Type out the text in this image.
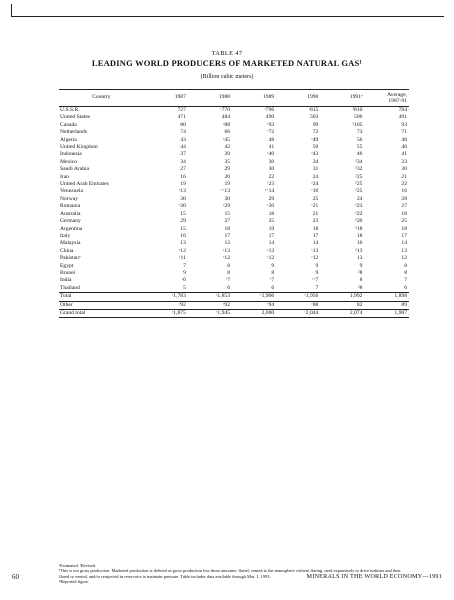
TABLE 47
LEADING WORLD PRODUCERS OF MARKETED NATURAL GAS¹
(Billion cubic meters)
Country	1987	1988	1989	1990	1991ᵉ	Average,
1987-91
U.S.S.R.	727	ʳ770	ʳ796	ʳ815	²810	784
United States	471	484	490	503	506	491
Canada	80	ʳ88	ʳ93	99	²105	93
Netherlands	74	66	ʳ72	72	73	71
Algeria	43	ʳ45	48	ʳ49	56	48
United Kingdom	44	42	41	50	55	46
Indonesia	37	39	ʳ40	ʳ43	46	41
Mexico	34	35	30	34	²34	33
Saudi Arabia	27	29	30	31	²32	30
Iran	16	20	22	24	²25	21
United Arab Emirates	19	19	ʳ23	ʳ24	²25	22
Venezuela	ʳ13	ʳ ʳ13	ʳ ʳ14	ʳ16	²25	16
Norway	30	30	29	25	24	28
Romania	ʳ30	ʳ29	ʳ30	ʳ21	²23	27
Australia	15	15	18	21	²22	18
Germany	29	27	25	23	²20	25
Argentina	15	18	19	18	²18	18
Italy	16	17	17	17	18	17
Malaysia	13	13	14	14	16	14
China	ʳ12	ʳ13	ʳ13	ʳ13	²13	13
Pakistanᵉ	ʳ11	ʳ12	ʳ12	ʳ12	13	12
Egypt	7	8	9	9	9	8
Brunei	9	8	8	9	²8	8
India	ʳ6	ʳ7	ʳ7	ʳ ʳ7	8	7
Thailand	5	6	6	7	²8	6
Total	ʳ1,783	ʳ1,853	ʳ1,906	ʳ1,956	1,992	1,898
Other	ʳ92	ʳ92	ʳ94	ʳ88	82	89
Grand total	ʳ1,875	ʳ1,945	2,000	ʳ2,044	2,074	1,987

ᵉEstimated. ʳRevised.

¹This is not gross production. Marketed production is defined as gross production less those amounts: flared, vented to the atmosphere without flaring, used expansively to drive turbines and then flared or vented, and/or reinjected in reservoirs to maintain pressure. Table includes data available through Mar. 1, 1993.

²Reported figure.

60	MINERALS IN THE WORLD ECONOMY—1991
